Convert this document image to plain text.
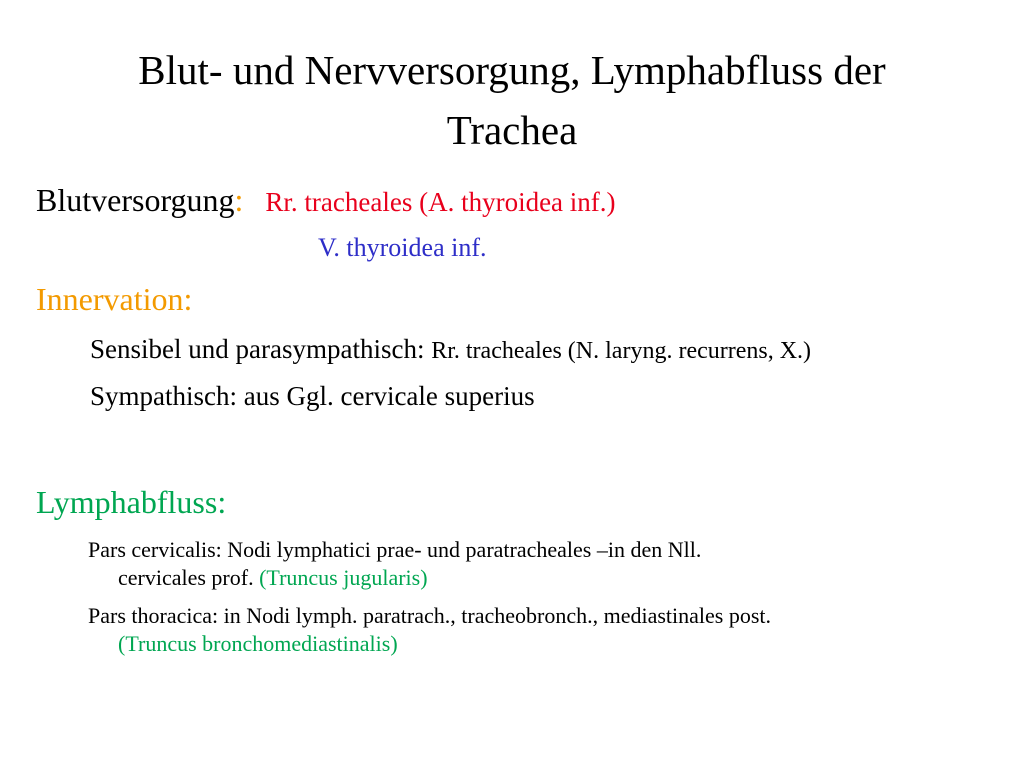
Blut- und Nervversorgung, Lymphabfluss der
Trachea
Blutversorgung: Rr. tracheales (A. thyroidea inf.)
V. thyroidea inf.
Innervation:
Sensibel und parasympathisch: Rr. tracheales (N. laryng. recurrens, X.)
Sympathisch: aus Ggl. cervicale superius
Lymphabfluss:
Pars cervicalis: Nodi lymphatici prae- und paratracheales –in den Nll.
cervicales prof. (Truncus jugularis)
Pars thoracica: in Nodi lymph. paratrach., tracheobronch., mediastinales post.
(Truncus bronchomediastinalis)
